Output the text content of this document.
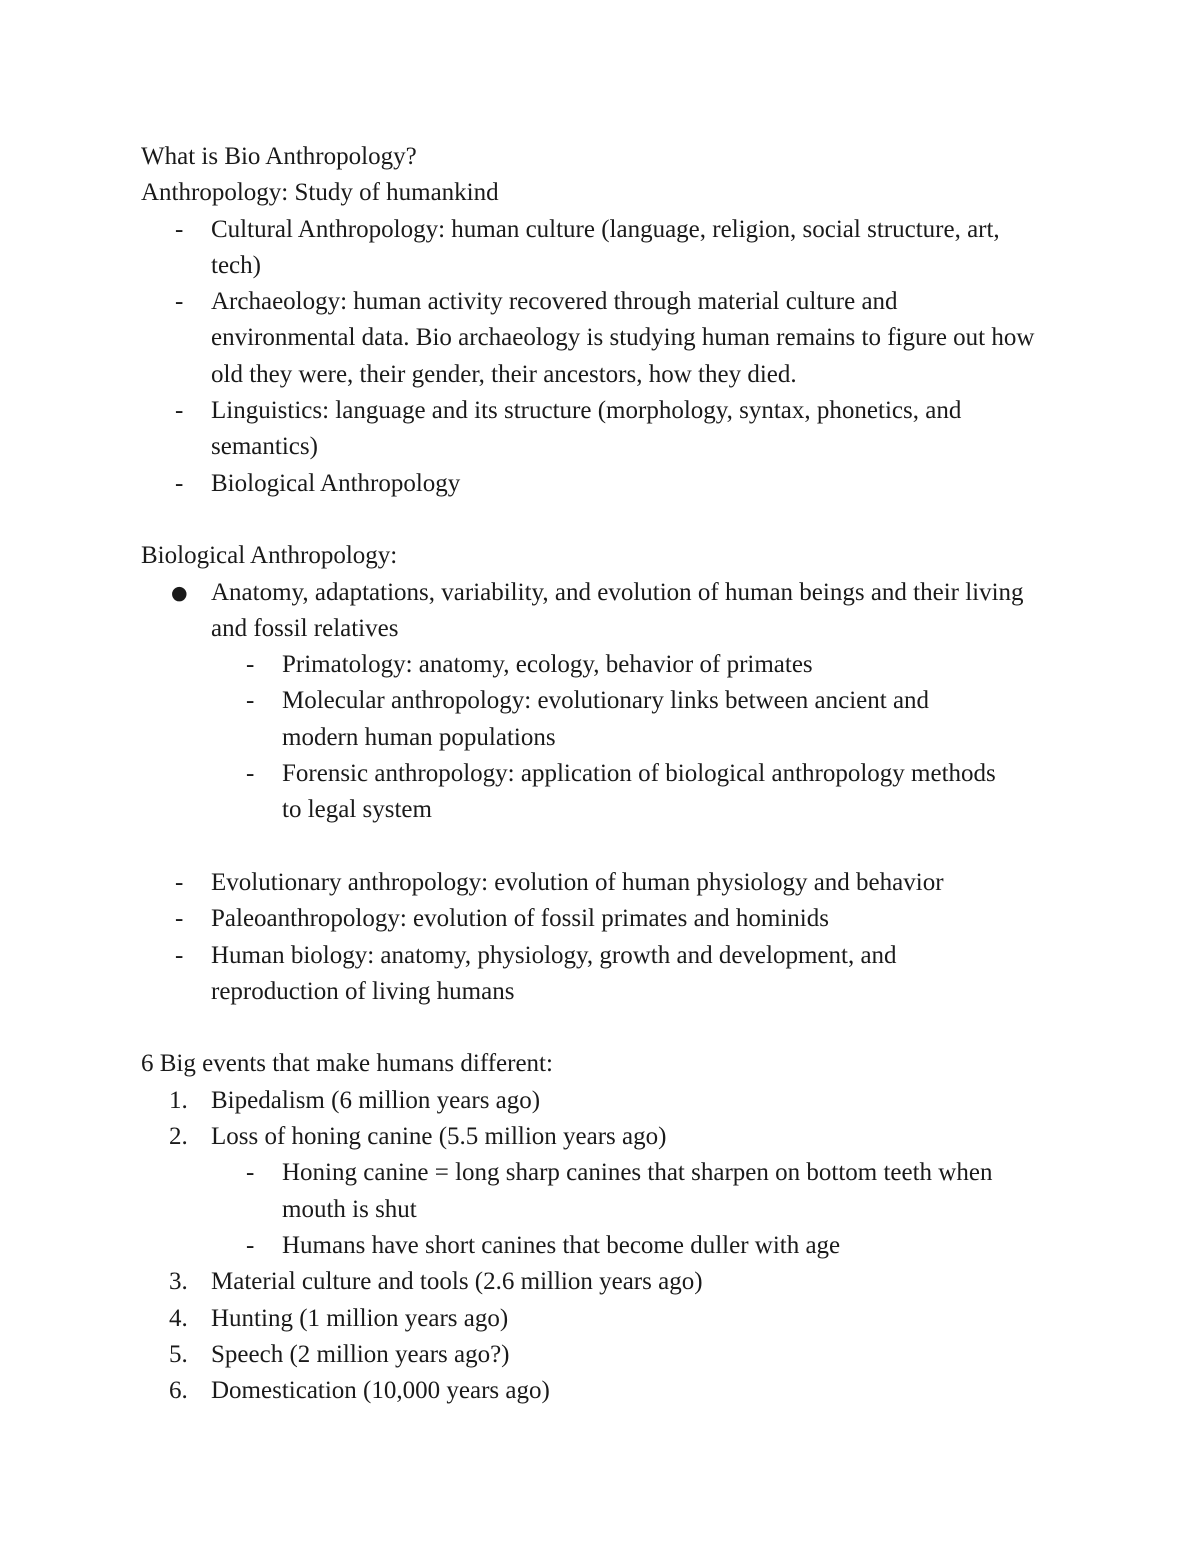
What is Bio Anthropology?

Anthropology: Study of humankind

-	Cultural Anthropology: human culture (language, religion, social structure, art, tech)
-	Archaeology: human activity recovered through material culture and environmental data. Bio archaeology is studying human remains to figure out how old they were, their gender, their ancestors, how they died.
-	Linguistics: language and its structure (morphology, syntax, phonetics, and semantics)
-	Biological Anthropology

Biological Anthropology:

● Anatomy, adaptations, variability, and evolution of human beings and their living and fossil relatives
-	Primatology: anatomy, ecology, behavior of primates
-	Molecular anthropology: evolutionary links between ancient and modern human populations
-	Forensic anthropology: application of biological anthropology methods to legal system
-	Evolutionary anthropology: evolution of human physiology and behavior
-	Paleoanthropology: evolution of fossil primates and hominids
-	Human biology: anatomy, physiology, growth and development, and reproduction of living humans

6 Big events that make humans different:

1. Bipedalism (6 million years ago)
2. Loss of honing canine (5.5 million years ago)
-	Honing canine = long sharp canines that sharpen on bottom teeth when mouth is shut
-	Humans have short canines that become duller with age
3. Material culture and tools (2.6 million years ago)
4. Hunting (1 million years ago)
5. Speech (2 million years ago?)
6. Domestication (10,000 years ago)
